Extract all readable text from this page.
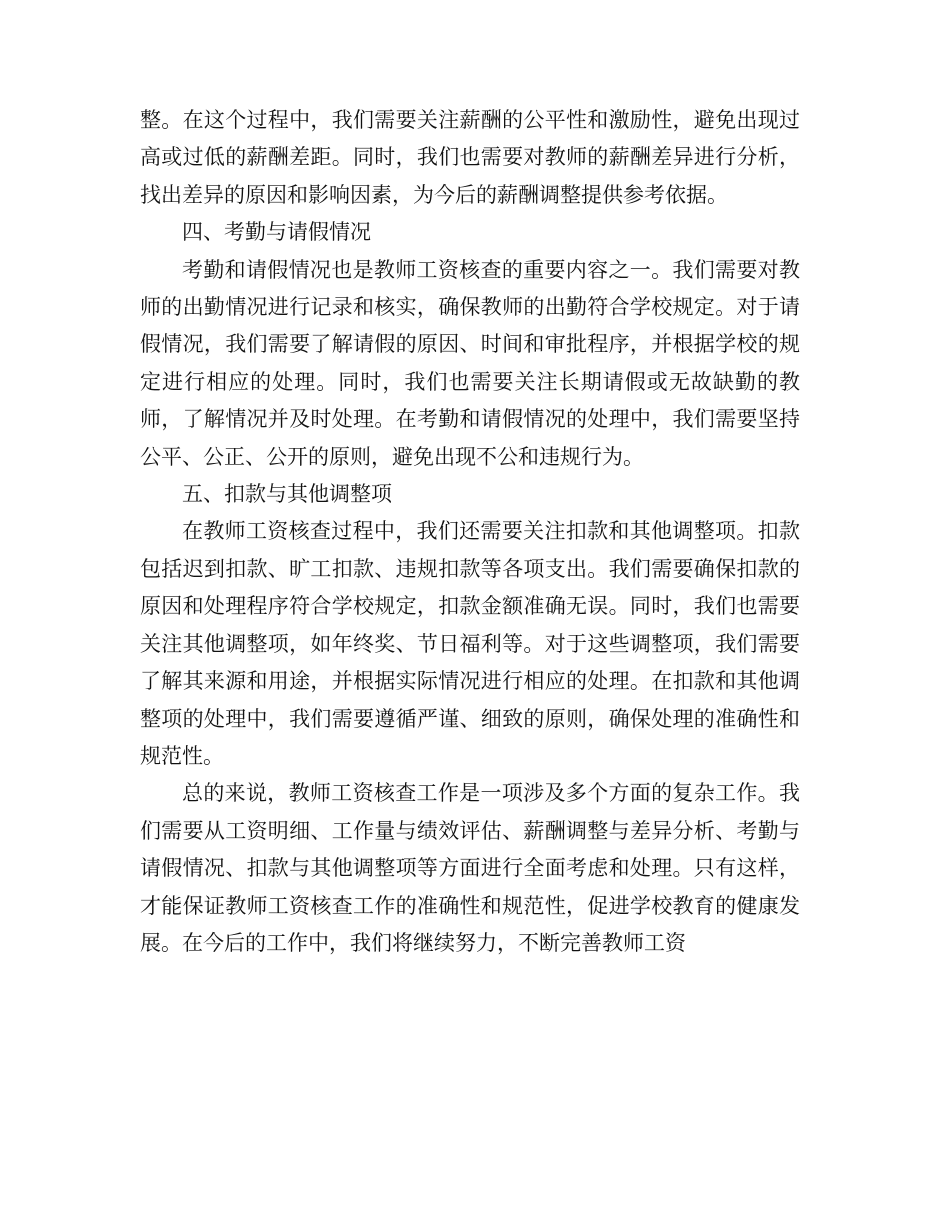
整。在这个过程中，我们需要关注薪酬的公平性和激励性，避免出现过高或过低的薪酬差距。同时，我们也需要对教师的薪酬差异进行分析，找出差异的原因和影响因素，为今后的薪酬调整提供参考依据。

四、考勤与请假情况

考勤和请假情况也是教师工资核查的重要内容之一。我们需要对教师的出勤情况进行记录和核实，确保教师的出勤符合学校规定。对于请假情况，我们需要了解请假的原因、时间和审批程序，并根据学校的规定进行相应的处理。同时，我们也需要关注长期请假或无故缺勤的教师，了解情况并及时处理。在考勤和请假情况的处理中，我们需要坚持公平、公正、公开的原则，避免出现不公和违规行为。

五、扣款与其他调整项

在教师工资核查过程中，我们还需要关注扣款和其他调整项。扣款包括迟到扣款、旷工扣款、违规扣款等各项支出。我们需要确保扣款的原因和处理程序符合学校规定，扣款金额准确无误。同时，我们也需要关注其他调整项，如年终奖、节日福利等。对于这些调整项，我们需要了解其来源和用途，并根据实际情况进行相应的处理。在扣款和其他调整项的处理中，我们需要遵循严谨、细致的原则，确保处理的准确性和规范性。

总的来说，教师工资核查工作是一项涉及多个方面的复杂工作。我们需要从工资明细、工作量与绩效评估、薪酬调整与差异分析、考勤与请假情况、扣款与其他调整项等方面进行全面考虑和处理。只有这样，才能保证教师工资核查工作的准确性和规范性，促进学校教育的健康发展。在今后的工作中，我们将继续努力，不断完善教师工资
